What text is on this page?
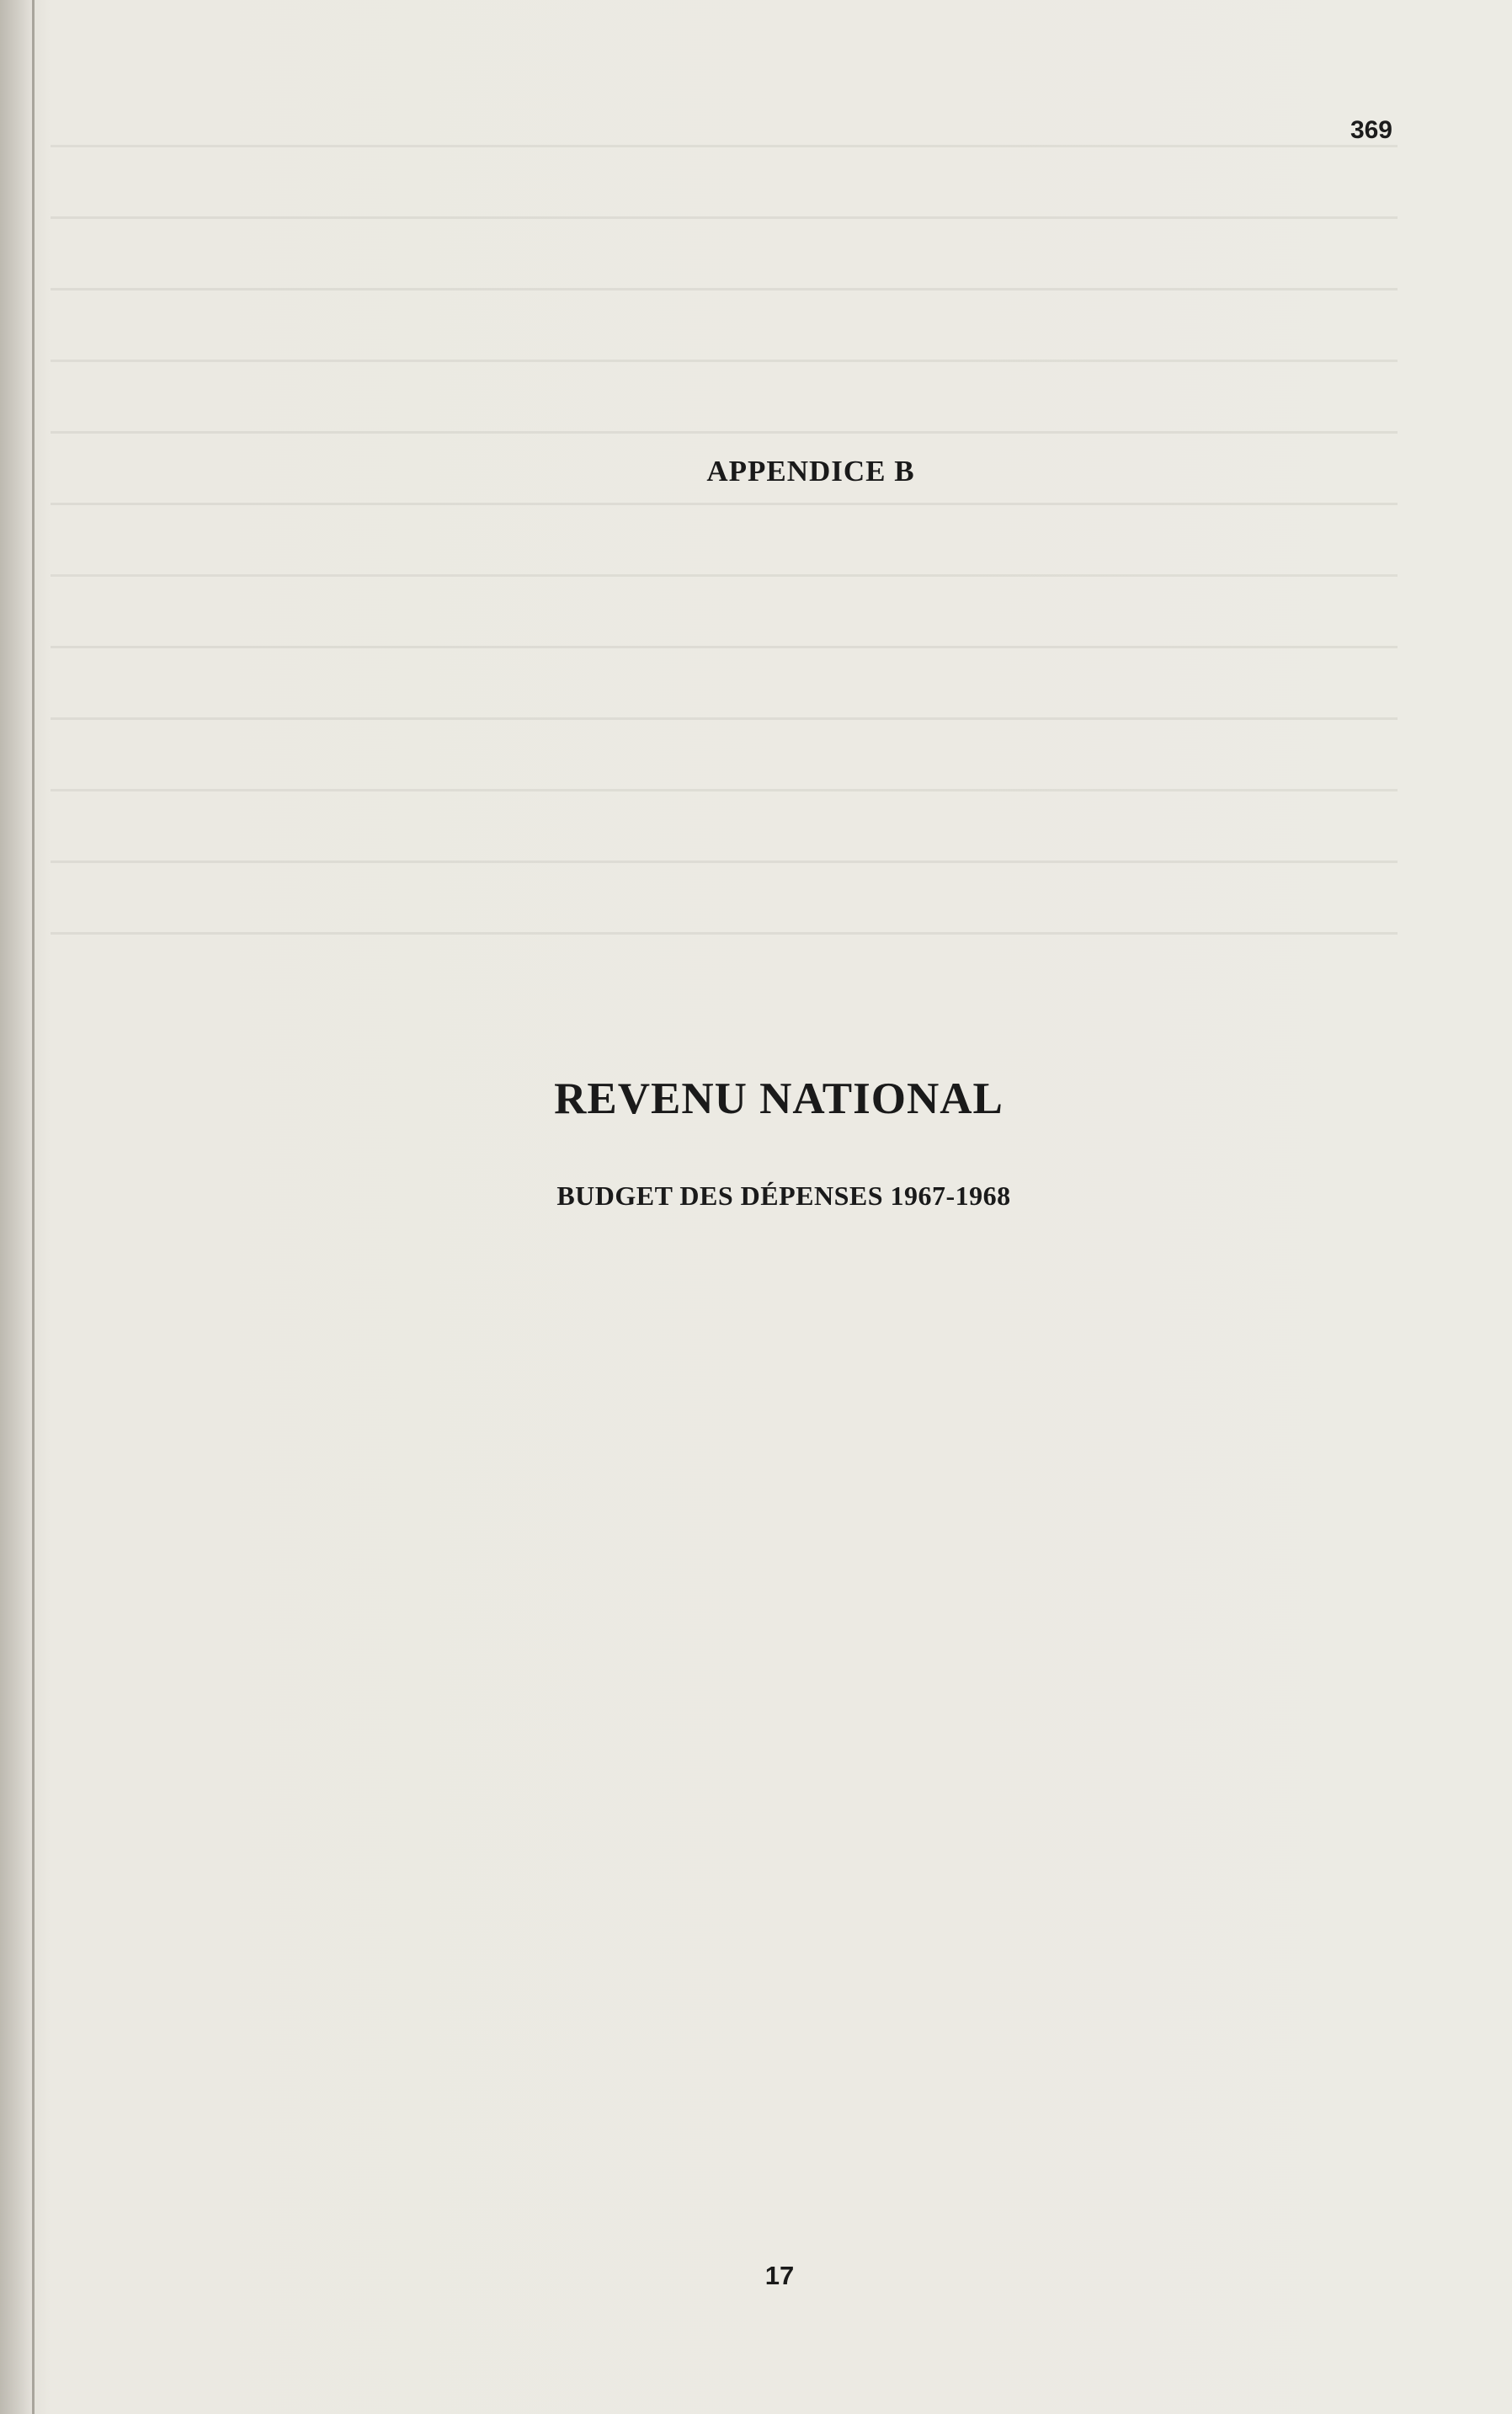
369
APPENDICE B
REVENU NATIONAL
BUDGET DES DÉPENSES 1967-1968
17
